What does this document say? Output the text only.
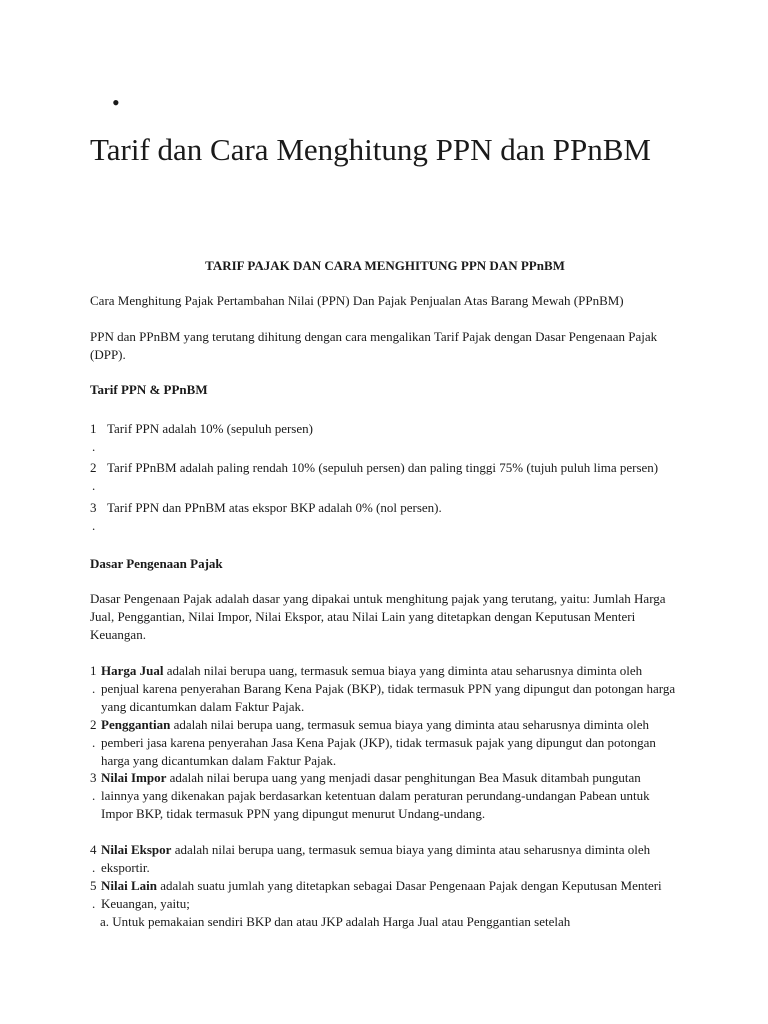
•
Tarif dan Cara Menghitung PPN dan PPnBM

TARIF PAJAK DAN CARA MENGHITUNG PPN DAN PPnBM

Cara Menghitung Pajak Pertambahan Nilai (PPN) Dan Pajak Penjualan Atas Barang Mewah (PPnBM)

PPN dan PPnBM yang terutang dihitung dengan cara mengalikan Tarif Pajak dengan Dasar Pengenaan Pajak (DPP).

Tarif PPN & PPnBM

1
.
Tarif PPN adalah 10% (sepuluh persen)
2
.
Tarif PPnBM adalah paling rendah 10% (sepuluh persen) dan paling tinggi 75% (tujuh puluh lima persen)
3
.
Tarif PPN dan PPnBM atas ekspor BKP adalah 0% (nol persen).

Dasar Pengenaan Pajak

Dasar Pengenaan Pajak adalah dasar yang dipakai untuk menghitung pajak yang terutang, yaitu: Jumlah Harga Jual, Penggantian, Nilai Impor, Nilai Ekspor, atau Nilai Lain yang ditetapkan dengan Keputusan Menteri Keuangan.

1
.
Harga Jual adalah nilai berupa uang, termasuk semua biaya yang diminta atau seharusnya diminta oleh penjual karena penyerahan Barang Kena Pajak (BKP), tidak termasuk PPN yang dipungut dan potongan harga yang dicantumkan dalam Faktur Pajak.
2
.
Penggantian adalah nilai berupa uang, termasuk semua biaya yang diminta atau seharusnya diminta oleh pemberi jasa karena penyerahan Jasa Kena Pajak (JKP), tidak termasuk pajak yang dipungut dan potongan harga yang dicantumkan dalam Faktur Pajak.
3
.
Nilai Impor adalah nilai berupa uang yang menjadi dasar penghitungan Bea Masuk ditambah pungutan lainnya yang dikenakan pajak berdasarkan ketentuan dalam peraturan perundang-undangan Pabean untuk Impor BKP, tidak termasuk PPN yang dipungut menurut Undang-undang.
4
.
Nilai Ekspor adalah nilai berupa uang, termasuk semua biaya yang diminta atau seharusnya diminta oleh eksportir.
5
.
Nilai Lain adalah suatu jumlah yang ditetapkan sebagai Dasar Pengenaan Pajak dengan Keputusan Menteri Keuangan, yaitu;
a. Untuk pemakaian sendiri BKP dan atau JKP adalah Harga Jual atau Penggantian setelah
